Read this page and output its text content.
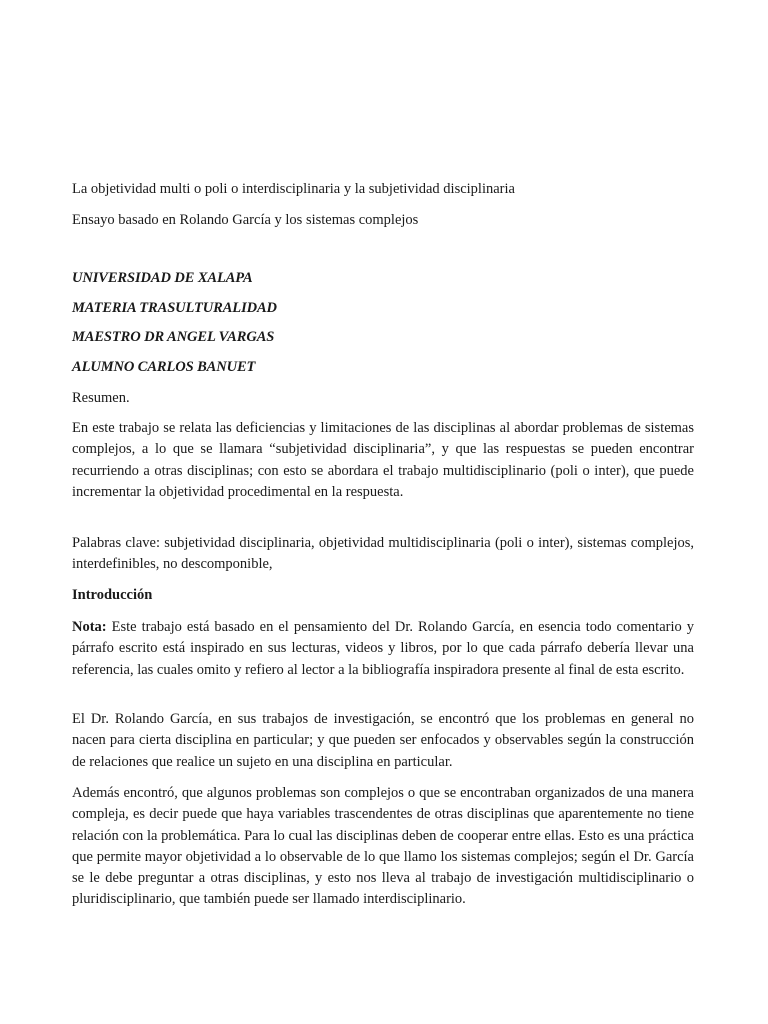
La objetividad multi o poli o interdisciplinaria y la subjetividad disciplinaria
Ensayo basado en Rolando García y los sistemas complejos
UNIVERSIDAD DE XALAPA
MATERIA TRASULTURALIDAD
MAESTRO DR ANGEL VARGAS
ALUMNO CARLOS BANUET
Resumen.
En este trabajo se relata las deficiencias y limitaciones de las disciplinas al abordar problemas de sistemas complejos, a lo que se llamara “subjetividad disciplinaria”, y que las respuestas se pueden encontrar recurriendo a otras disciplinas; con esto se abordara el trabajo multidisciplinario (poli o inter), que puede incrementar la objetividad procedimental en la respuesta.
Palabras clave: subjetividad disciplinaria, objetividad multidisciplinaria (poli o inter), sistemas complejos, interdefinibles, no descomponible,
Introducción
Nota: Este trabajo está basado en el pensamiento del Dr. Rolando García, en esencia todo comentario y párrafo escrito está inspirado en sus lecturas, videos y libros, por lo que cada párrafo debería llevar una referencia, las cuales omito y refiero al lector a la bibliografía inspiradora presente al final de esta escrito.
El Dr. Rolando García, en sus trabajos de investigación, se encontró que los problemas en general no nacen para cierta disciplina en particular; y que pueden ser enfocados y observables según la construcción de relaciones que realice un sujeto en una disciplina en particular.
Además encontró, que algunos problemas son complejos o que se encontraban organizados de una manera compleja, es decir puede que haya variables trascendentes de otras disciplinas que aparentemente no tiene relación con la problemática. Para lo cual las disciplinas deben de cooperar entre ellas. Esto es una práctica que permite mayor objetividad a lo observable de lo que llamo los sistemas complejos; según el Dr. García se le debe preguntar a otras disciplinas, y esto nos lleva al trabajo de investigación multidisciplinario o pluridisciplinario, que también puede ser llamado interdisciplinario.
